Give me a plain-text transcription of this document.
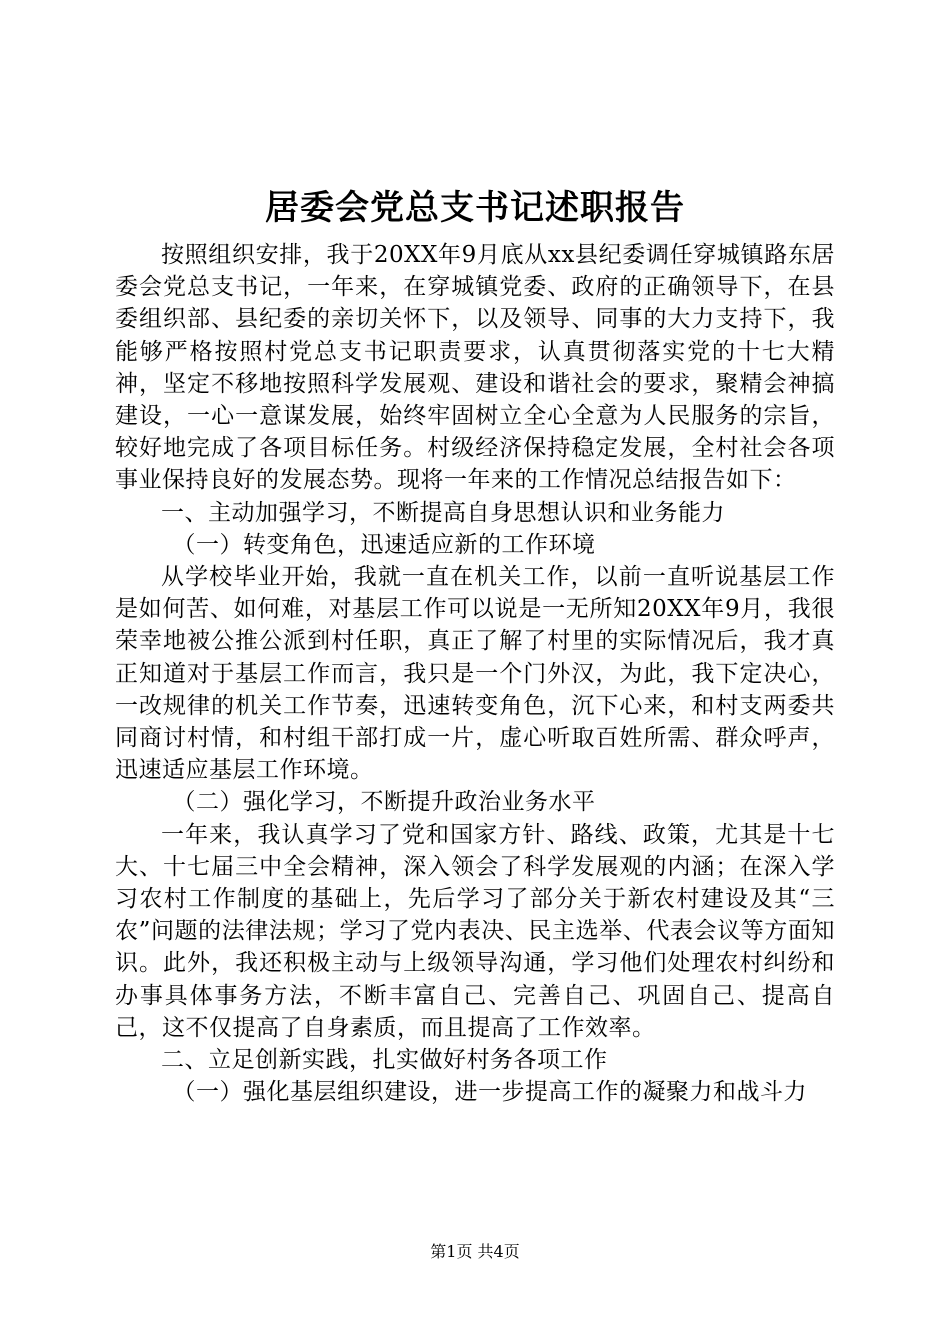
居委会党总支书记述职报告

按照组织安排，我于20XX年9月底从xx县纪委调任穿城镇路东居委会党总支书记，一年来，在穿城镇党委、政府的正确领导下，在县委组织部、县纪委的亲切关怀下，以及领导、同事的大力支持下，我能够严格按照村党总支书记职责要求，认真贯彻落实党的十七大精神，坚定不移地按照科学发展观、建设和谐社会的要求，聚精会神搞建设，一心一意谋发展，始终牢固树立全心全意为人民服务的宗旨，较好地完成了各项目标任务。村级经济保持稳定发展，全村社会各项事业保持良好的发展态势。现将一年来的工作情况总结报告如下：

一、主动加强学习，不断提高自身思想认识和业务能力

（一）转变角色，迅速适应新的工作环境

从学校毕业开始，我就一直在机关工作，以前一直听说基层工作是如何苦、如何难，对基层工作可以说是一无所知20XX年9月，我很荣幸地被公推公派到村任职，真正了解了村里的实际情况后，我才真正知道对于基层工作而言，我只是一个门外汉，为此，我下定决心，一改规律的机关工作节奏，迅速转变角色，沉下心来，和村支两委共同商讨村情，和村组干部打成一片，虚心听取百姓所需、群众呼声，迅速适应基层工作环境。

（二）强化学习，不断提升政治业务水平

一年来，我认真学习了党和国家方针、路线、政策，尤其是十七大、十七届三中全会精神，深入领会了科学发展观的内涵；在深入学习农村工作制度的基础上，先后学习了部分关于新农村建设及其“三农”问题的法律法规；学习了党内表决、民主选举、代表会议等方面知识。此外，我还积极主动与上级领导沟通，学习他们处理农村纠纷和办事具体事务方法，不断丰富自己、完善自己、巩固自己、提高自己，这不仅提高了自身素质，而且提高了工作效率。

二、立足创新实践，扎实做好村务各项工作

（一）强化基层组织建设，进一步提高工作的凝聚力和战斗力

第1页 共4页
